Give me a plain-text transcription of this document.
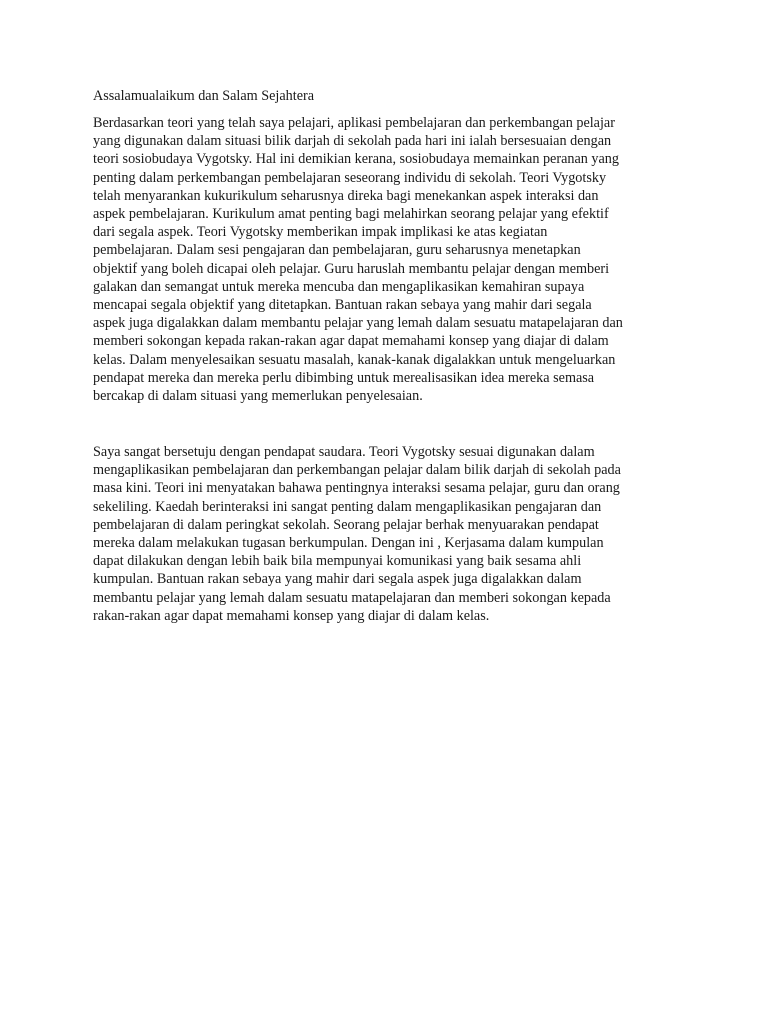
Assalamualaikum dan Salam Sejahtera

Berdasarkan teori yang telah saya pelajari, aplikasi pembelajaran dan perkembangan pelajar
yang digunakan dalam situasi bilik darjah di sekolah pada hari ini ialah bersesuaian dengan
teori sosiobudaya Vygotsky. Hal ini demikian kerana, sosiobudaya memainkan peranan yang
penting dalam perkembangan pembelajaran seseorang individu di sekolah. Teori Vygotsky
telah menyarankan kukurikulum seharusnya direka bagi menekankan aspek interaksi dan
aspek pembelajaran. Kurikulum amat penting bagi melahirkan seorang pelajar yang efektif
dari segala aspek. Teori Vygotsky memberikan impak implikasi ke atas kegiatan
pembelajaran. Dalam sesi pengajaran dan pembelajaran, guru seharusnya menetapkan
objektif yang boleh dicapai oleh pelajar. Guru haruslah membantu pelajar dengan memberi
galakan dan semangat untuk mereka mencuba dan mengaplikasikan kemahiran supaya
mencapai segala objektif yang ditetapkan. Bantuan rakan sebaya yang mahir dari segala
aspek juga digalakkan dalam membantu pelajar yang lemah dalam sesuatu matapelajaran dan
memberi sokongan kepada rakan-rakan agar dapat memahami konsep yang diajar di dalam
kelas. Dalam menyelesaikan sesuatu masalah, kanak-kanak digalakkan untuk mengeluarkan
pendapat mereka dan mereka perlu dibimbing untuk merealisasikan idea mereka semasa
bercakap di dalam situasi yang memerlukan penyelesaian.

Saya sangat bersetuju dengan pendapat saudara. Teori Vygotsky sesuai digunakan dalam
mengaplikasikan pembelajaran dan perkembangan pelajar dalam bilik darjah di sekolah pada
masa kini. Teori ini menyatakan bahawa pentingnya interaksi sesama pelajar, guru dan orang
sekeliling. Kaedah berinteraksi ini sangat penting dalam mengaplikasikan pengajaran dan
pembelajaran di dalam peringkat sekolah. Seorang pelajar berhak menyuarakan pendapat
mereka dalam melakukan tugasan berkumpulan. Dengan ini , Kerjasama dalam kumpulan
dapat dilakukan dengan lebih baik bila mempunyai komunikasi yang baik sesama ahli
kumpulan. Bantuan rakan sebaya yang mahir dari segala aspek juga digalakkan dalam
membantu pelajar yang lemah dalam sesuatu matapelajaran dan memberi sokongan kepada
rakan-rakan agar dapat memahami konsep yang diajar di dalam kelas.
